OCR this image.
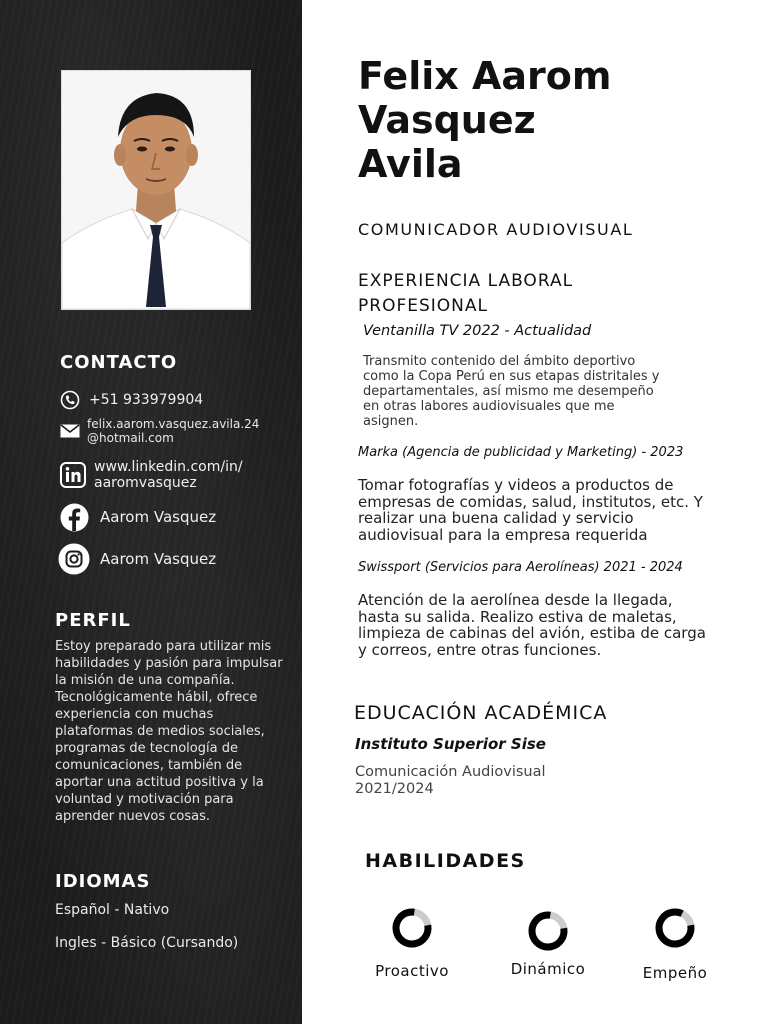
CONTACTO
+51 933979904
felix.aarom.vasquez.avila.24
@hotmail.com
www.linkedin.com/in/
aaromvasquez
Aarom Vasquez
Aarom Vasquez
PERFIL
Estoy preparado para utilizar mis habilidades y pasión para impulsar la misión de una compañía. Tecnológicamente hábil, ofrece experiencia con muchas plataformas de medios sociales, programas de tecnología de comunicaciones, también de aportar una actitud positiva y la voluntad y motivación para aprender nuevos cosas.
IDIOMAS
Español - Nativo
Ingles - Básico (Cursando)
Felix Aarom
Vasquez
Avila
COMUNICADOR AUDIOVISUAL
EXPERIENCIA LABORAL
PROFESIONAL
Ventanilla TV 2022 - Actualidad
Transmito contenido del ámbito deportivo
como la Copa Perú en sus etapas distritales y
departamentales, así mismo me desempeño
en otras labores audiovisuales que me
asignen.
Marka (Agencia de publicidad y Marketing) - 2023
Tomar fotografías y videos a productos de
empresas de comidas, salud, institutos, etc. Y
realizar una buena calidad y servicio
audiovisual para la empresa requerida
Swissport (Servicios para Aerolíneas) 2021 - 2024
Atención de la aerolínea desde la llegada,
hasta su salida. Realizo estiva de maletas,
limpieza de cabinas del avión, estiba de carga
y correos, entre otras funciones.
EDUCACIÓN ACADÉMICA
Instituto Superior Sise
Comunicación Audiovisual
2021/2024
HABILIDADES
Proactivo	Dinámico	Empeño
